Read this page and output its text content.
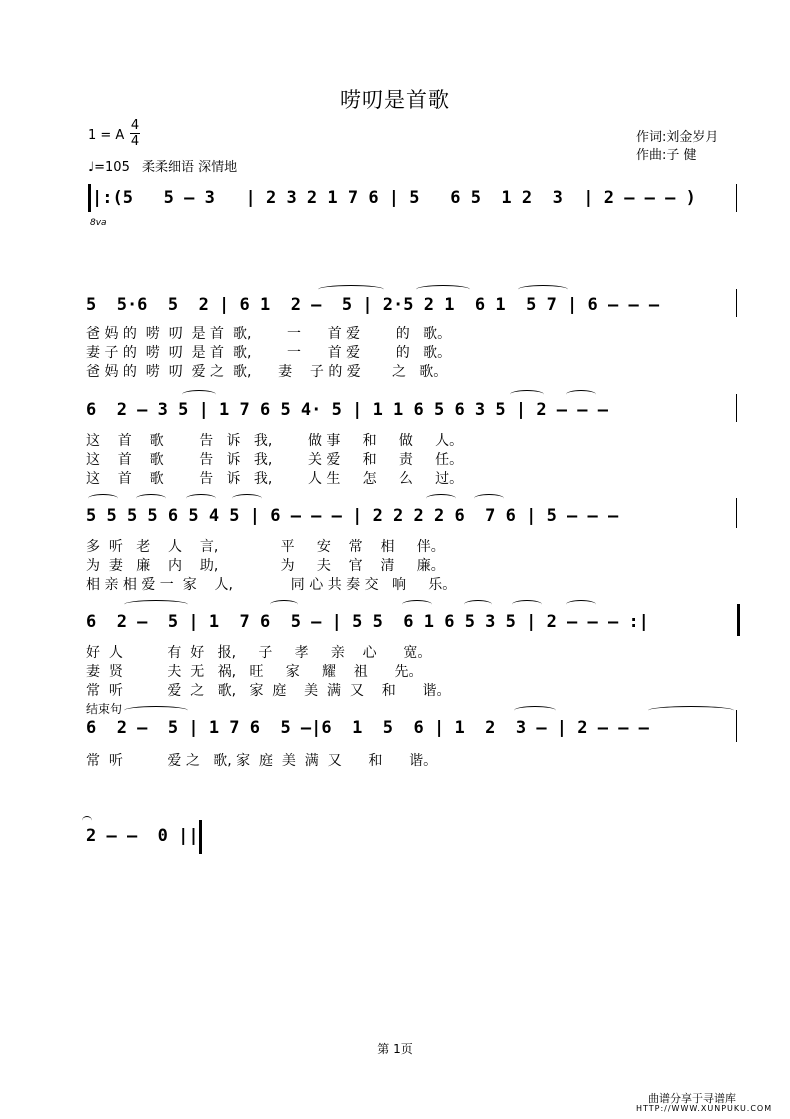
唠叨是首歌
1 = A
4
4
♩=105 柔柔细语 深情地
作词:刘金岁月
作曲:子 健
|:(5   5 – 3   | 2 3 2 1 7 6 | 5   6 5  1 2  3  | 2 – – – )
8va
5  5·6  5  2 | 6 1  2 –  5 | 2·5 2 1  6 1  5 7 | 6 – – –
爸 妈 的  唠  叨  是 首  歌,        一      首 爱        的   歌。
妻 子 的  唠  叨  是 首  歌,        一      首 爱        的   歌。
爸 妈 的  唠  叨  爱 之  歌,      妻    子 的 爱       之   歌。
6  2 – 3 5 | 1 7 6 5 4· 5 | 1 1 6 5 6 3 5 | 2 – – –
这    首    歌        告   诉   我,        做 事     和     做     人。
这    首    歌        告   诉   我,        关 爱     和     责     任。
这    首    歌        告   诉   我,        人 生     怎     么     过。
5 5 5 5 6 5 4 5 | 6 – – – | 2 2 2 2 6  7 6 | 5 – – –
多  听   老    人    言,              平     安    常    相     伴。
为  妻   廉    内    助,              为     夫    官    清     廉。
相 亲 相 爱 一  家    人,             同 心 共 奏 交   响     乐。
6  2 –  5 | 1  7 6  5 – | 5 5  6 1 6 5 3 5 | 2 – – – :|
好  人          有  好   报,     子     孝     亲    心      宽。
妻  贤          夫  无   祸,   旺     家     耀    祖      先。
常  听          爱  之   歌,   家  庭    美  满  又    和      谐。
结束句
6  2 –  5 | 1 7 6  5 –|6  1  5  6 | 1  2  3 – | 2 – – –
常  听          爱 之   歌, 家  庭  美  满  又      和      谐。
2 – –  0 ||
第 1页
曲谱分享于寻谱库
HTTP://WWW.XUNPUKU.COM
